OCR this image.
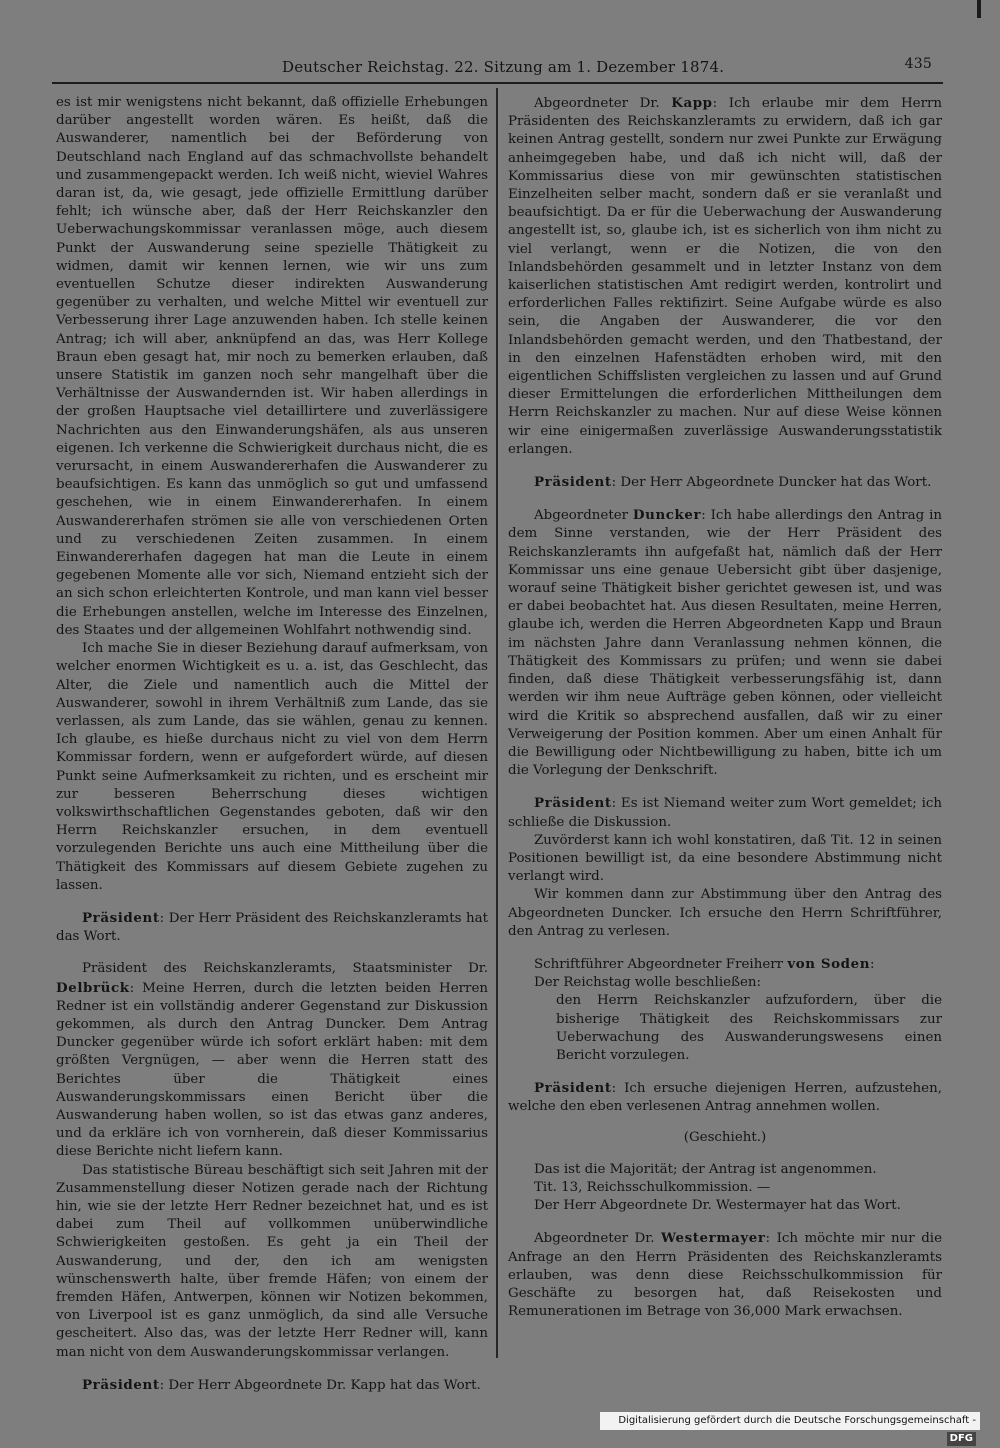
Deutscher Reichstag. 22. Sitzung am 1. Dezember 1874.	435

es ist mir wenigstens nicht bekannt, daß offizielle Erhebungen darüber angestellt worden wären. Es heißt, daß die Auswanderer, namentlich bei der Beförderung von Deutschland nach England auf das schmachvollste behandelt und zusammengepackt werden. Ich weiß nicht, wieviel Wahres daran ist, da, wie gesagt, jede offizielle Ermittlung darüber fehlt; ich wünsche aber, daß der Herr Reichskanzler den Ueberwachungskommissar veranlassen möge, auch diesem Punkt der Auswanderung seine spezielle Thätigkeit zu widmen, damit wir kennen lernen, wie wir uns zum eventuellen Schutze dieser indirekten Auswanderung gegenüber zu verhalten, und welche Mittel wir eventuell zur Verbesserung ihrer Lage anzuwenden haben. Ich stelle keinen Antrag; ich will aber, anknüpfend an das, was Herr Kollege Braun eben gesagt hat, mir noch zu bemerken erlauben, daß unsere Statistik im ganzen noch sehr mangelhaft über die Verhältnisse der Auswandernden ist. Wir haben allerdings in der großen Hauptsache viel detaillirtere und zuverlässigere Nachrichten aus den Einwanderungshäfen, als aus unseren eigenen. Ich verkenne die Schwierigkeit durchaus nicht, die es verursacht, in einem Auswandererhafen die Auswanderer zu beaufsichtigen. Es kann das unmöglich so gut und umfassend geschehen, wie in einem Einwandererhafen. In einem Auswandererhafen strömen sie alle von verschiedenen Orten und zu verschiedenen Zeiten zusammen. In einem Einwandererhafen dagegen hat man die Leute in einem gegebenen Momente alle vor sich, Niemand entzieht sich der an sich schon erleichterten Kontrole, und man kann viel besser die Erhebungen anstellen, welche im Interesse des Einzelnen, des Staates und der allgemeinen Wohlfahrt nothwendig sind.

Ich mache Sie in dieser Beziehung darauf aufmerksam, von welcher enormen Wichtigkeit es u. a. ist, das Geschlecht, das Alter, die Ziele und namentlich auch die Mittel der Auswanderer, sowohl in ihrem Verhältniß zum Lande, das sie verlassen, als zum Lande, das sie wählen, genau zu kennen. Ich glaube, es hieße durchaus nicht zu viel von dem Herrn Kommissar fordern, wenn er aufgefordert würde, auf diesen Punkt seine Aufmerksamkeit zu richten, und es erscheint mir zur besseren Beherrschung dieses wichtigen volkswirthschaftlichen Gegenstandes geboten, daß wir den Herrn Reichskanzler ersuchen, in dem eventuell vorzulegenden Berichte uns auch eine Mittheilung über die Thätigkeit des Kommissars auf diesem Gebiete zugehen zu lassen.

Präsident: Der Herr Präsident des Reichskanzleramts hat das Wort.

Präsident des Reichskanzleramts, Staatsminister Dr. Delbrück: Meine Herren, durch die letzten beiden Herren Redner ist ein vollständig anderer Gegenstand zur Diskussion gekommen, als durch den Antrag Duncker. Dem Antrag Duncker gegenüber würde ich sofort erklärt haben: mit dem größten Vergnügen, — aber wenn die Herren statt des Berichtes über die Thätigkeit eines Auswanderungskommissars einen Bericht über die Auswanderung haben wollen, so ist das etwas ganz anderes, und da erkläre ich von vornherein, daß dieser Kommissarius diese Berichte nicht liefern kann.

Das statistische Büreau beschäftigt sich seit Jahren mit der Zusammenstellung dieser Notizen gerade nach der Richtung hin, wie sie der letzte Herr Redner bezeichnet hat, und es ist dabei zum Theil auf vollkommen unüberwindliche Schwierigkeiten gestoßen. Es geht ja ein Theil der Auswanderung, und der, den ich am wenigsten wünschenswerth halte, über fremde Häfen; von einem der fremden Häfen, Antwerpen, können wir Notizen bekommen, von Liverpool ist es ganz unmöglich, da sind alle Versuche gescheitert. Also das, was der letzte Herr Redner will, kann man nicht von dem Auswanderungskommissar verlangen.

Präsident: Der Herr Abgeordnete Dr. Kapp hat das Wort.

Abgeordneter Dr. Kapp: Ich erlaube mir dem Herrn Präsidenten des Reichskanzleramts zu erwidern, daß ich gar keinen Antrag gestellt, sondern nur zwei Punkte zur Erwägung anheimgegeben habe, und daß ich nicht will, daß der Kommissarius diese von mir gewünschten statistischen Einzelheiten selber macht, sondern daß er sie veranlaßt und beaufsichtigt. Da er für die Ueberwachung der Auswanderung angestellt ist, so, glaube ich, ist es sicherlich von ihm nicht zu viel verlangt, wenn er die Notizen, die von den Inlandsbehörden gesammelt und in letzter Instanz von dem kaiserlichen statistischen Amt redigirt werden, kontrolirt und erforderlichen Falles rektifizirt. Seine Aufgabe würde es also sein, die Angaben der Auswanderer, die vor den Inlandsbehörden gemacht werden, und den Thatbestand, der in den einzelnen Hafenstädten erhoben wird, mit den eigentlichen Schiffslisten vergleichen zu lassen und auf Grund dieser Ermittelungen die erforderlichen Mittheilungen dem Herrn Reichskanzler zu machen. Nur auf diese Weise können wir eine einigermaßen zuverlässige Auswanderungsstatistik erlangen.

Präsident: Der Herr Abgeordnete Duncker hat das Wort.

Abgeordneter Duncker: Ich habe allerdings den Antrag in dem Sinne verstanden, wie der Herr Präsident des Reichskanzleramts ihn aufgefaßt hat, nämlich daß der Herr Kommissar uns eine genaue Uebersicht gibt über dasjenige, worauf seine Thätigkeit bisher gerichtet gewesen ist, und was er dabei beobachtet hat. Aus diesen Resultaten, meine Herren, glaube ich, werden die Herren Abgeordneten Kapp und Braun im nächsten Jahre dann Veranlassung nehmen können, die Thätigkeit des Kommissars zu prüfen; und wenn sie dabei finden, daß diese Thätigkeit verbesserungsfähig ist, dann werden wir ihm neue Aufträge geben können, oder vielleicht wird die Kritik so absprechend ausfallen, daß wir zu einer Verweigerung der Position kommen. Aber um einen Anhalt für die Bewilligung oder Nichtbewilligung zu haben, bitte ich um die Vorlegung der Denkschrift.

Präsident: Es ist Niemand weiter zum Wort gemeldet; ich schließe die Diskussion.

Zuvörderst kann ich wohl konstatiren, daß Tit. 12 in seinen Positionen bewilligt ist, da eine besondere Abstimmung nicht verlangt wird.

Wir kommen dann zur Abstimmung über den Antrag des Abgeordneten Duncker. Ich ersuche den Herrn Schriftführer, den Antrag zu verlesen.

Schriftführer Abgeordneter Freiherr von Soden:

Der Reichstag wolle beschließen:

den Herrn Reichskanzler aufzufordern, über die bisherige Thätigkeit des Reichskommissars zur Ueberwachung des Auswanderungswesens einen Bericht vorzulegen.

Präsident: Ich ersuche diejenigen Herren, aufzustehen, welche den eben verlesenen Antrag annehmen wollen.

(Geschieht.)

Das ist die Majorität; der Antrag ist angenommen.

Tit. 13, Reichsschulkommission. —

Der Herr Abgeordnete Dr. Westermayer hat das Wort.

Abgeordneter Dr. Westermayer: Ich möchte mir nur die Anfrage an den Herrn Präsidenten des Reichskanzleramts erlauben, was denn diese Reichsschulkommission für Geschäfte zu besorgen hat, daß Reisekosten und Remunerationen im Betrage von 36,000 Mark erwachsen.

Digitalisierung gefördert durch die Deutsche Forschungsgemeinschaft -DFG
